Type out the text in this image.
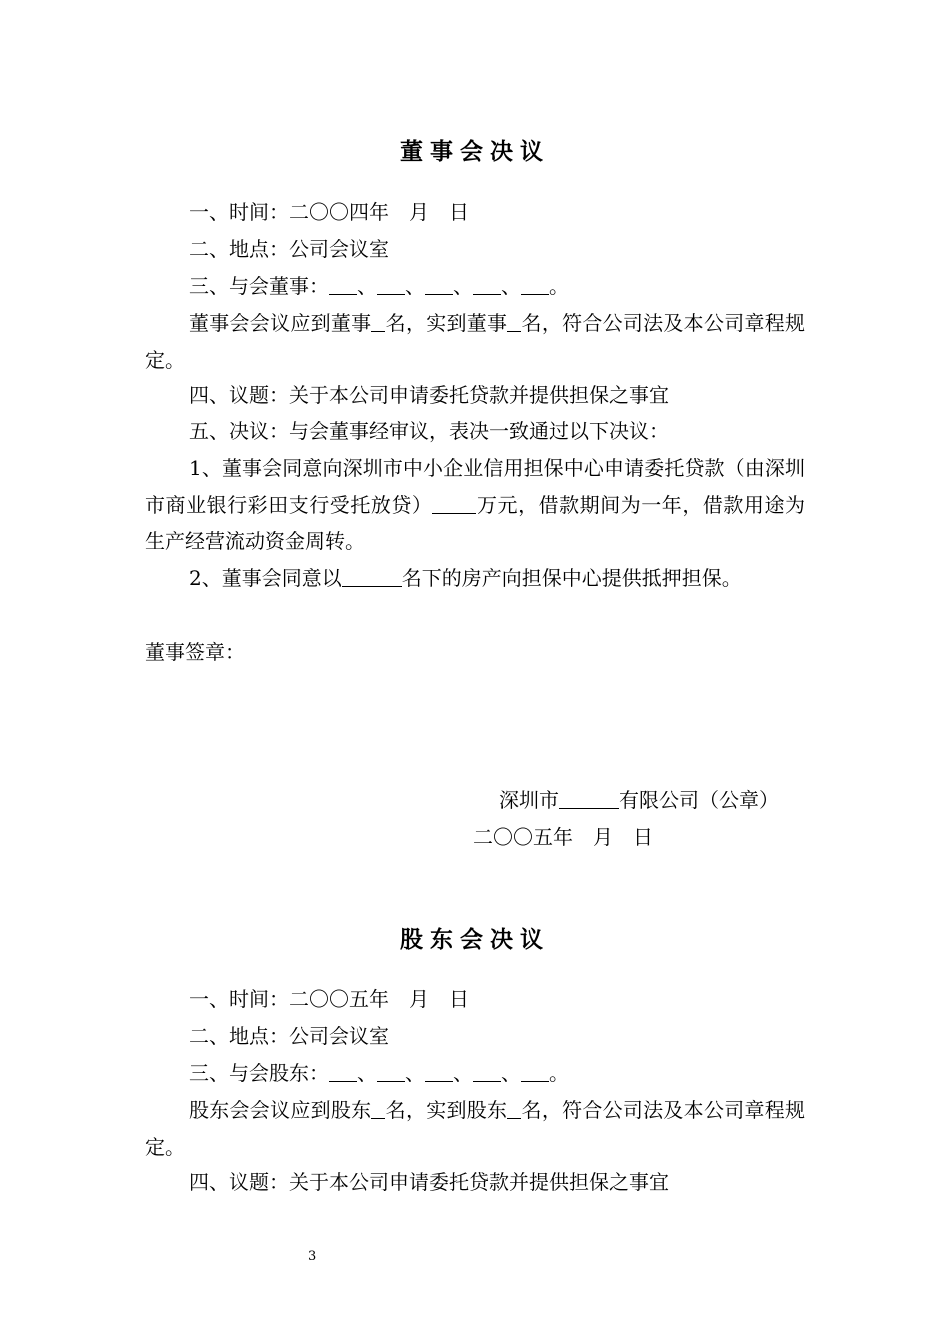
董事会决议
一、时间：二〇〇四年　月　日
二、地点：公司会议室
三、与会董事： 、 、 、 、 。
董事会会议应到董事 名，实到董事 名，符合公司法及本公司章程规定。
四、议题：关于本公司申请委托贷款并提供担保之事宜
五、决议：与会董事经审议，表决一致通过以下决议：
1、董事会同意向深圳市中小企业信用担保中心申请委托贷款（由深圳市商业银行彩田支行受托放贷） 万元，借款期间为一年，借款用途为生产经营流动资金周转。
2、董事会同意以	名下的房产向担保中心提供抵押担保。
董事签章：
深圳市	有限公司（公章）
二〇〇五年　月　日
股东会决议
一、时间：二〇〇五年　月　日
二、地点：公司会议室
三、与会股东： 、 、 、 、 。
股东会会议应到股东 名，实到股东 名，符合公司法及本公司章程规定。
四、议题：关于本公司申请委托贷款并提供担保之事宜
3
